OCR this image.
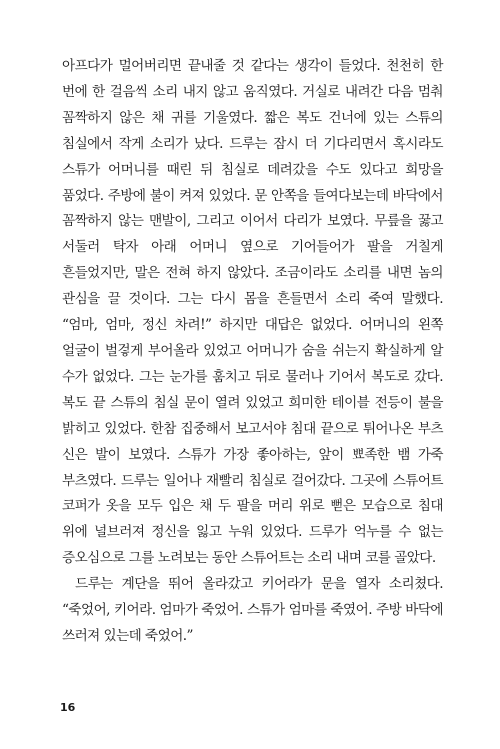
아프다가 멀어버리면 끝내줄 것 같다는 생각이 들었다. 천천히 한 번에 한 걸음씩 소리 내지 않고 움직였다. 거실로 내려간 다음 멈춰 꼼짝하지 않은 채 귀를 기울였다. 짧은 복도 건너에 있는 스튜의 침실에서 작게 소리가 났다. 드루는 잠시 더 기다리면서 혹시라도 스튜가 어머니를 때린 뒤 침실로 데려갔을 수도 있다고 희망을 품었다. 주방에 불이 켜져 있었다. 문 안쪽을 들여다보는데 바닥에서 꼼짝하지 않는 맨발이, 그리고 이어서 다리가 보였다. 무릎을 꿇고 서둘러 탁자 아래 어머니 옆으로 기어들어가 팔을 거칠게 흔들었지만, 말은 전혀 하지 않았다. 조금이라도 소리를 내면 놈의 관심을 끌 것이다. 그는 다시 몸을 흔들면서 소리 죽여 말했다. “엄마, 엄마, 정신 차려!” 하지만 대답은 없었다. 어머니의 왼쪽 얼굴이 벌겋게 부어올라 있었고 어머니가 숨을 쉬는지 확실하게 알 수가 없었다. 그는 눈가를 훔치고 뒤로 물러나 기어서 복도로 갔다. 복도 끝 스튜의 침실 문이 열려 있었고 희미한 테이블 전등이 불을 밝히고 있었다. 한참 집중해서 보고서야 침대 끝으로 튀어나온 부츠 신은 발이 보였다. 스튜가 가장 좋아하는, 앞이 뾰족한 뱀 가죽 부츠였다. 드루는 일어나 재빨리 침실로 걸어갔다. 그곳에 스튜어트 코퍼가 옷을 모두 입은 채 두 팔을 머리 위로 뻗은 모습으로 침대 위에 널브러져 정신을 잃고 누워 있었다. 드루가 억누를 수 없는 증오심으로 그를 노려보는 동안 스튜어트는 소리 내며 코를 골았다.

드루는 계단을 뛰어 올라갔고 키어라가 문을 열자 소리쳤다. “죽었어, 키어라. 엄마가 죽었어. 스튜가 엄마를 죽였어. 주방 바닥에 쓰러져 있는데 죽었어.”

16
